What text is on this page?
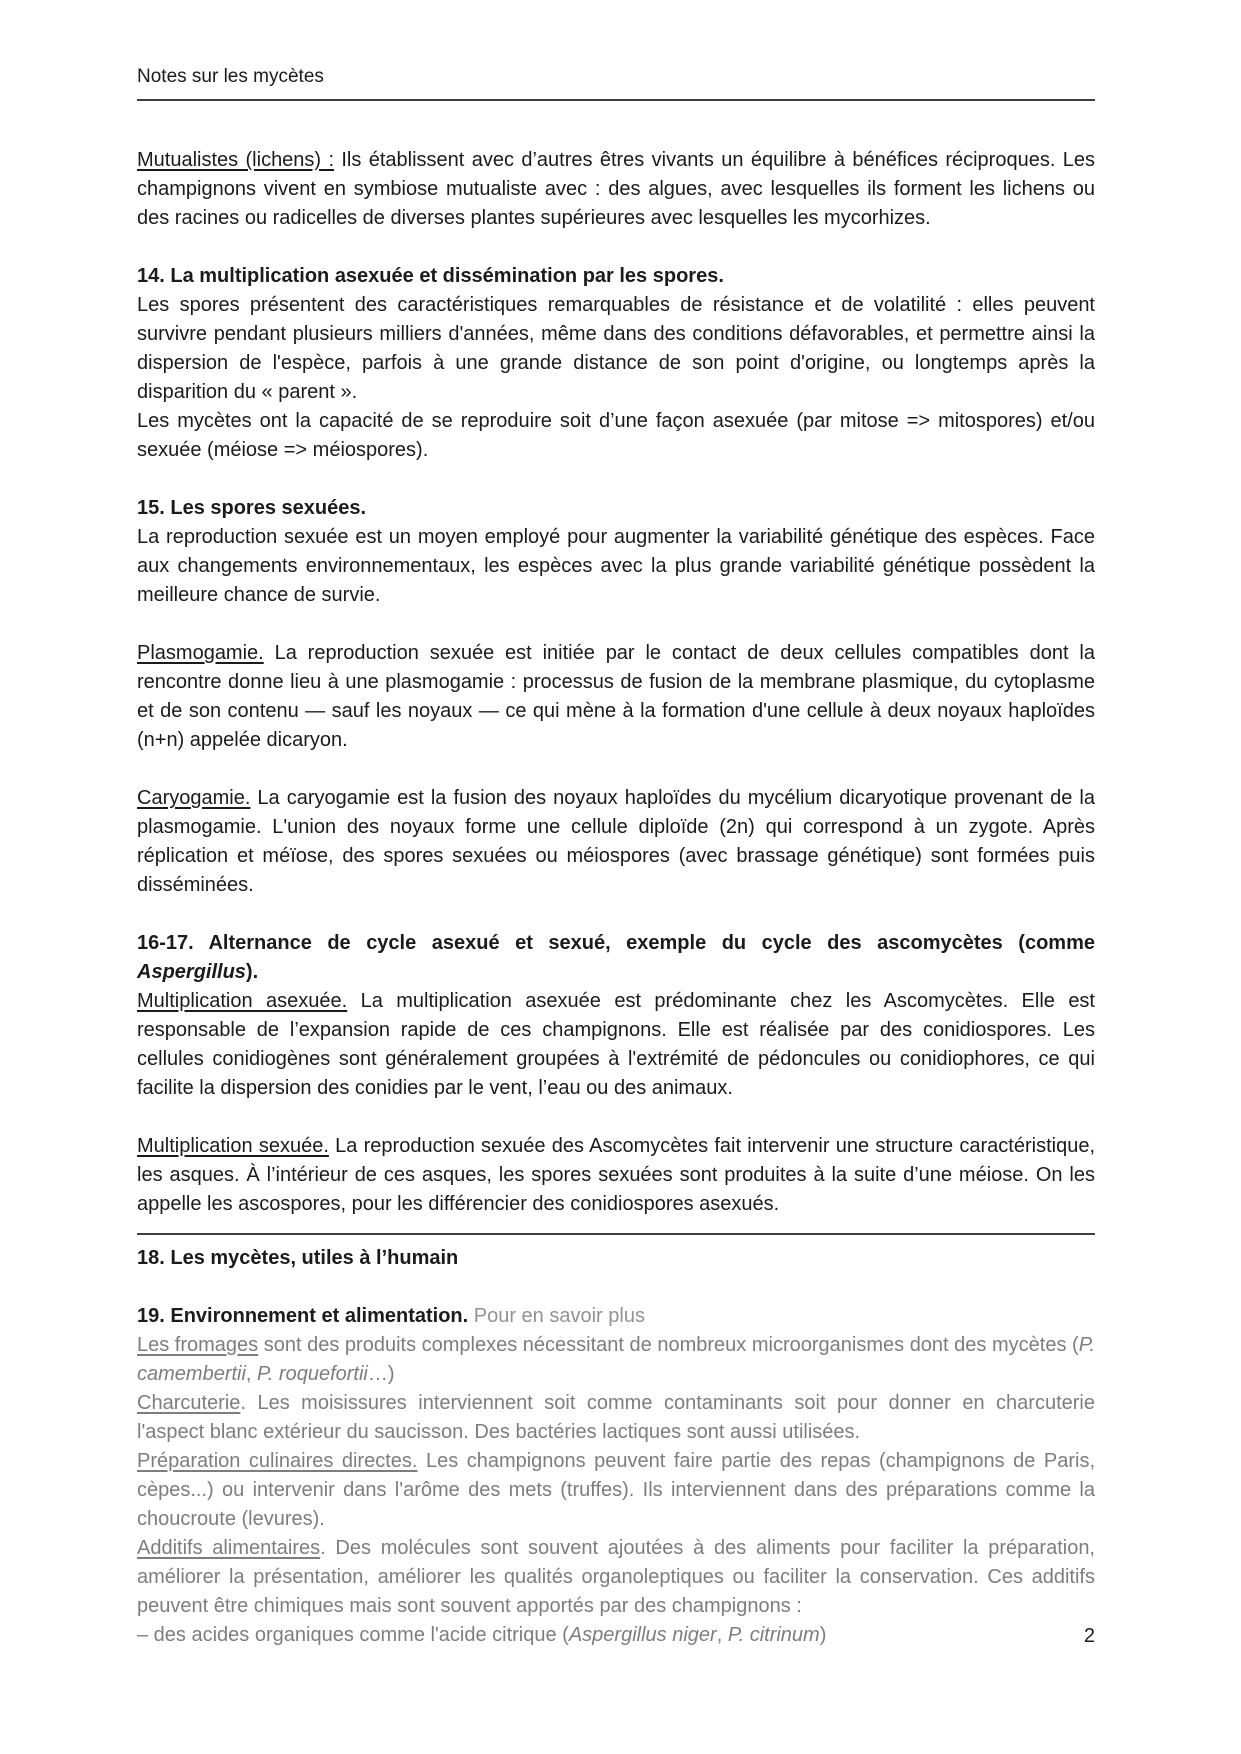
Notes sur les mycètes

Mutualistes (lichens) : Ils établissent avec d’autres êtres vivants un équilibre à bénéfices réciproques. Les champignons vivent en symbiose mutualiste avec : des algues, avec lesquelles ils forment les lichens ou des racines ou radicelles de diverses plantes supérieures avec lesquelles les mycorhizes.

14. La multiplication asexuée et dissémination par les spores.

Les spores présentent des caractéristiques remarquables de résistance et de volatilité : elles peuvent survivre pendant plusieurs milliers d'années, même dans des conditions défavorables, et permettre ainsi la dispersion de l'espèce, parfois à une grande distance de son point d'origine, ou longtemps après la disparition du « parent ».

Les mycètes ont la capacité de se reproduire soit d’une façon asexuée (par mitose => mitospores) et/ou sexuée (méiose => méiospores).

15. Les spores sexuées.

La reproduction sexuée est un moyen employé pour augmenter la variabilité génétique des espèces. Face aux changements environnementaux, les espèces avec la plus grande variabilité génétique possèdent la meilleure chance de survie.

Plasmogamie. La reproduction sexuée est initiée par le contact de deux cellules compatibles dont la rencontre donne lieu à une plasmogamie : processus de fusion de la membrane plasmique, du cytoplasme et de son contenu — sauf les noyaux — ce qui mène à la formation d'une cellule à deux noyaux haploïdes (n+n) appelée dicaryon.

Caryogamie. La caryogamie est la fusion des noyaux haploïdes du mycélium dicaryotique provenant de la plasmogamie. L'union des noyaux forme une cellule diploïde (2n) qui correspond à un zygote. Après réplication et méïose, des spores sexuées ou méiospores (avec brassage génétique) sont formées puis disséminées.

16-17. Alternance de cycle asexué et sexué, exemple du cycle des ascomycètes (comme Aspergillus).

Multiplication asexuée. La multiplication asexuée est prédominante chez les Ascomycètes. Elle est responsable de l’expansion rapide de ces champignons. Elle est réalisée par des conidiospores. Les cellules conidiogènes sont généralement groupées à l'extrémité de pédoncules ou conidiophores, ce qui facilite la dispersion des conidies par le vent, l’eau ou des animaux.

Multiplication sexuée. La reproduction sexuée des Ascomycètes fait intervenir une structure caractéristique, les asques. À l’intérieur de ces asques, les spores sexuées sont produites à la suite d’une méiose. On les appelle les ascospores, pour les différencier des conidiospores asexués.

18. Les mycètes, utiles à l’humain

19. Environnement et alimentation. Pour en savoir plus

Les fromages sont des produits complexes nécessitant de nombreux microorganismes dont des mycètes (P. camembertii, P. roquefortii…)

Charcuterie. Les moisissures interviennent soit comme contaminants soit pour donner en charcuterie l'aspect blanc extérieur du saucisson. Des bactéries lactiques sont aussi utilisées.

Préparation culinaires directes. Les champignons peuvent faire partie des repas (champignons de Paris, cèpes...) ou intervenir dans l'arôme des mets (truffes). Ils interviennent dans des préparations comme la choucroute (levures).

Additifs alimentaires. Des molécules sont souvent ajoutées à des aliments pour faciliter la préparation, améliorer la présentation, améliorer les qualités organoleptiques ou faciliter la conservation. Ces additifs peuvent être chimiques mais sont souvent apportés par des champignons :

– des acides organiques comme l'acide citrique (Aspergillus niger, P. citrinum)	2
